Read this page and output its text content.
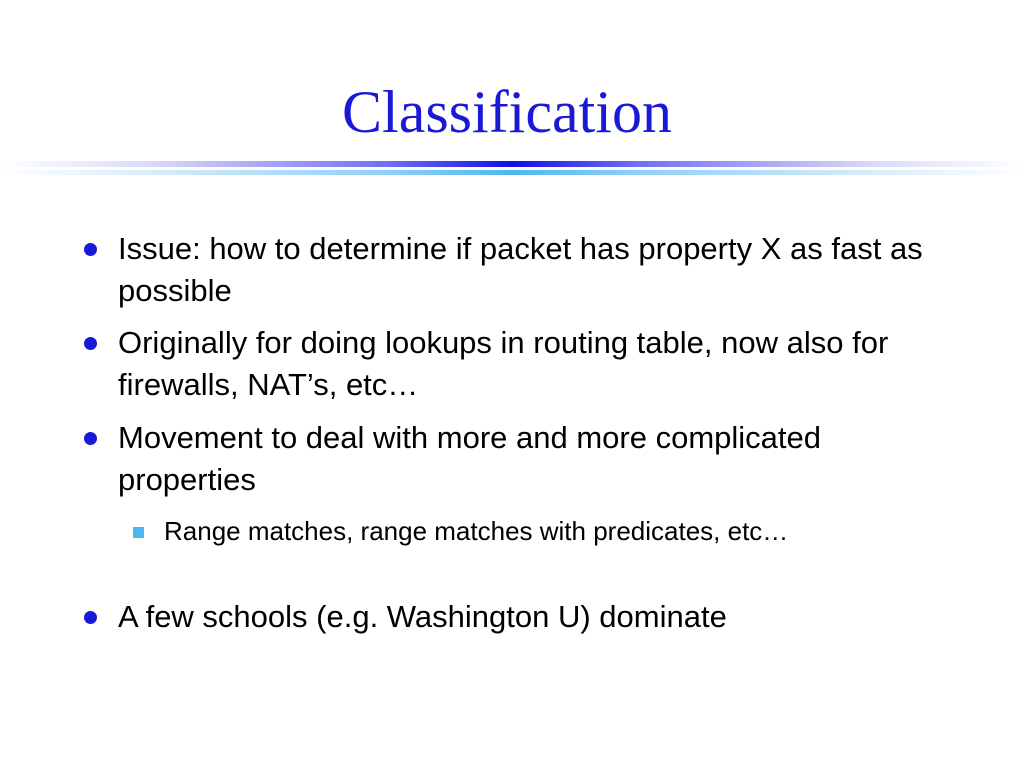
Classification
Issue: how to determine if packet has property X as fast as possible
Originally for doing lookups in routing table, now also for firewalls, NAT’s, etc…
Movement to deal with more and more complicated properties
Range matches, range matches with predicates, etc…
A few schools (e.g. Washington U) dominate
